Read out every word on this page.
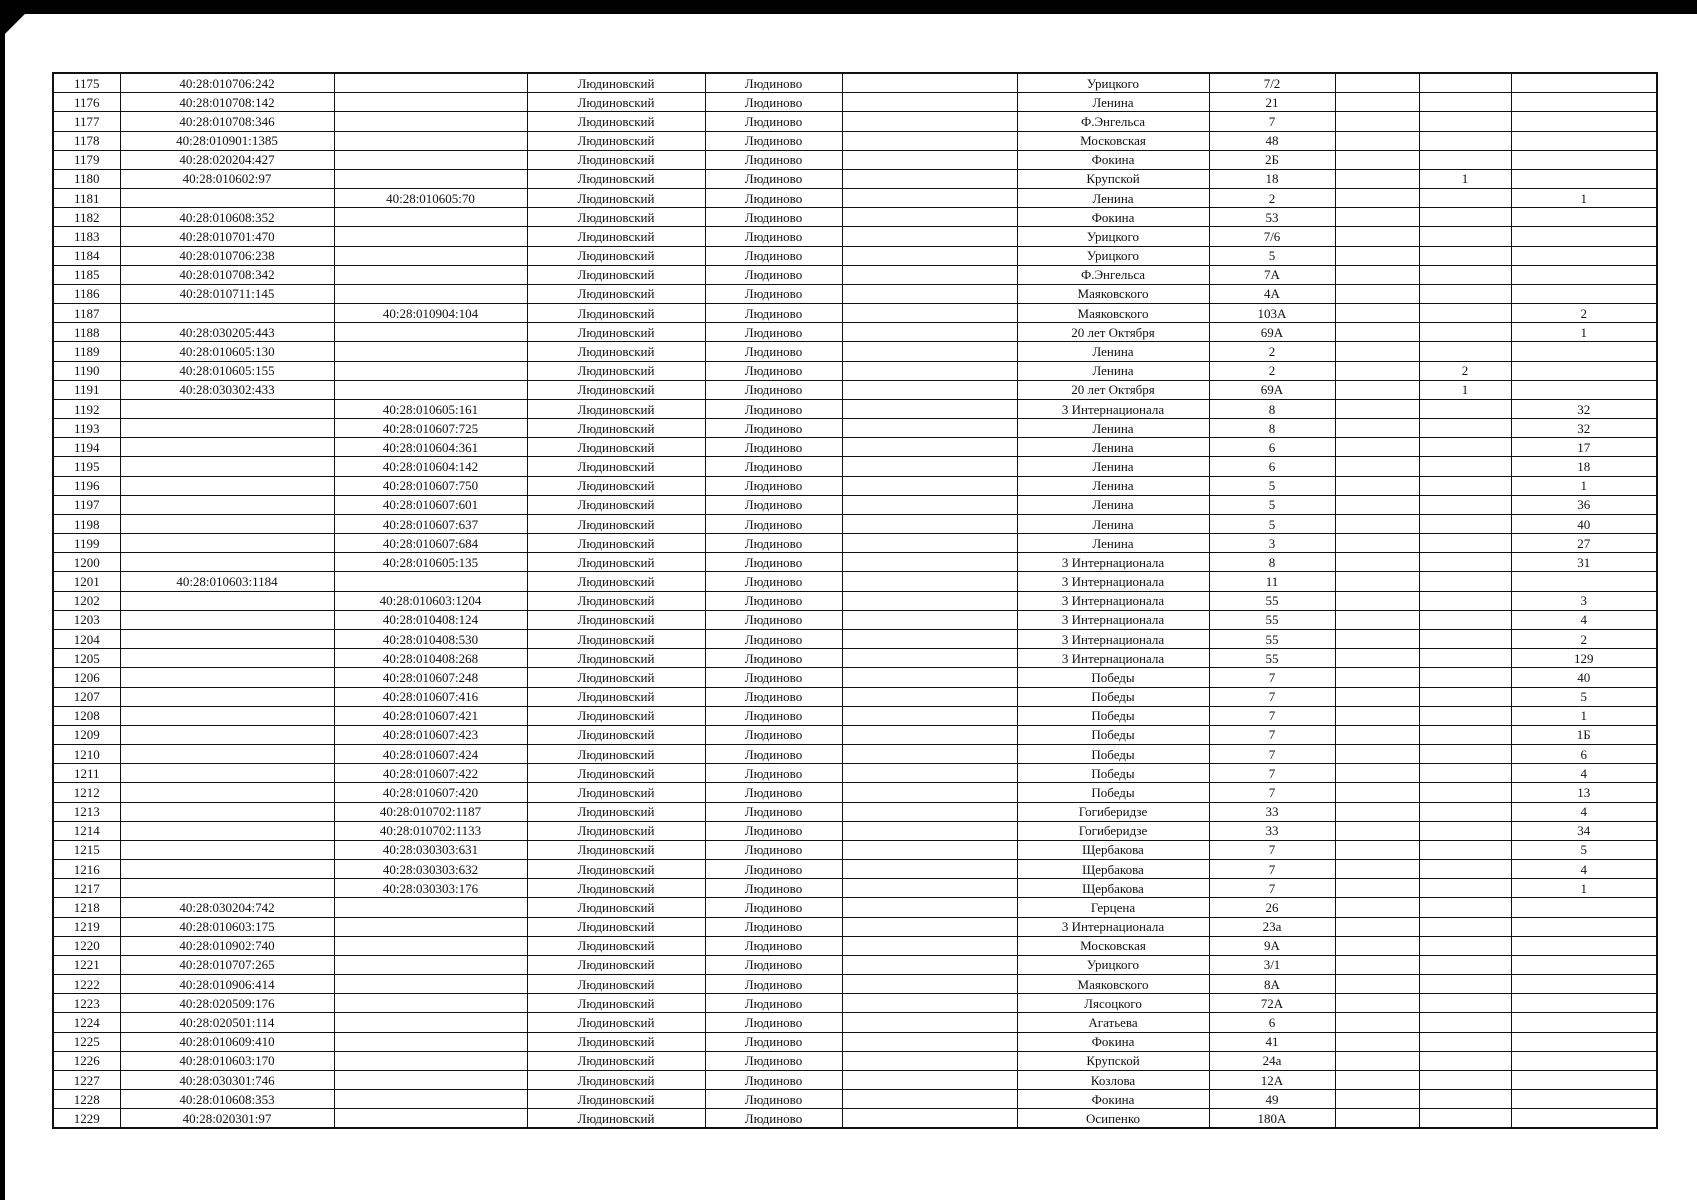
1175	40:28:010706:242		Людиновский	Людиново		Урицкого	7/2			
1176	40:28:010708:142		Людиновский	Людиново		Ленина	21			
1177	40:28:010708:346		Людиновский	Людиново		Ф.Энгельса	7			
1178	40:28:010901:1385		Людиновский	Людиново		Московская	48			
1179	40:28:020204:427		Людиновский	Людиново		Фокина	2Б			
1180	40:28:010602:97		Людиновский	Людиново		Крупской	18		1	
1181		40:28:010605:70	Людиновский	Людиново		Ленина	2			1
1182	40:28:010608:352		Людиновский	Людиново		Фокина	53			
1183	40:28:010701:470		Людиновский	Людиново		Урицкого	7/6			
1184	40:28:010706:238		Людиновский	Людиново		Урицкого	5			
1185	40:28:010708:342		Людиновский	Людиново		Ф.Энгельса	7А			
1186	40:28:010711:145		Людиновский	Людиново		Маяковского	4А			
1187		40:28:010904:104	Людиновский	Людиново		Маяковского	103А			2
1188	40:28:030205:443		Людиновский	Людиново		20 лет Октября	69А			1
1189	40:28:010605:130		Людиновский	Людиново		Ленина	2			
1190	40:28:010605:155		Людиновский	Людиново		Ленина	2		2	
1191	40:28:030302:433		Людиновский	Людиново		20 лет Октября	69А		1	
1192		40:28:010605:161	Людиновский	Людиново		3 Интернационала	8			32
1193		40:28:010607:725	Людиновский	Людиново		Ленина	8			32
1194		40:28:010604:361	Людиновский	Людиново		Ленина	6			17
1195		40:28:010604:142	Людиновский	Людиново		Ленина	6			18
1196		40:28:010607:750	Людиновский	Людиново		Ленина	5			1
1197		40:28:010607:601	Людиновский	Людиново		Ленина	5			36
1198		40:28:010607:637	Людиновский	Людиново		Ленина	5			40
1199		40:28:010607:684	Людиновский	Людиново		Ленина	3			27
1200		40:28:010605:135	Людиновский	Людиново		3 Интернационала	8			31
1201	40:28:010603:1184		Людиновский	Людиново		3 Интернационала	11			
1202		40:28:010603:1204	Людиновский	Людиново		3 Интернационала	55			3
1203		40:28:010408:124	Людиновский	Людиново		3 Интернационала	55			4
1204		40:28:010408:530	Людиновский	Людиново		3 Интернационала	55			2
1205		40:28:010408:268	Людиновский	Людиново		3 Интернационала	55			129
1206		40:28:010607:248	Людиновский	Людиново		Победы	7			40
1207		40:28:010607:416	Людиновский	Людиново		Победы	7			5
1208		40:28:010607:421	Людиновский	Людиново		Победы	7			1
1209		40:28:010607:423	Людиновский	Людиново		Победы	7			1Б
1210		40:28:010607:424	Людиновский	Людиново		Победы	7			6
1211		40:28:010607:422	Людиновский	Людиново		Победы	7			4
1212		40:28:010607:420	Людиновский	Людиново		Победы	7			13
1213		40:28:010702:1187	Людиновский	Людиново		Гогиберидзе	33			4
1214		40:28:010702:1133	Людиновский	Людиново		Гогиберидзе	33			34
1215		40:28:030303:631	Людиновский	Людиново		Щербакова	7			5
1216		40:28:030303:632	Людиновский	Людиново		Щербакова	7			4
1217		40:28:030303:176	Людиновский	Людиново		Щербакова	7			1
1218	40:28:030204:742		Людиновский	Людиново		Герцена	26			
1219	40:28:010603:175		Людиновский	Людиново		3 Интернационала	23а			
1220	40:28:010902:740		Людиновский	Людиново		Московская	9А			
1221	40:28:010707:265		Людиновский	Людиново		Урицкого	3/1			
1222	40:28:010906:414		Людиновский	Людиново		Маяковского	8А			
1223	40:28:020509:176		Людиновский	Людиново		Лясоцкого	72А			
1224	40:28:020501:114		Людиновский	Людиново		Агатьева	6			
1225	40:28:010609:410		Людиновский	Людиново		Фокина	41			
1226	40:28:010603:170		Людиновский	Людиново		Крупской	24а			
1227	40:28:030301:746		Людиновский	Людиново		Козлова	12А			
1228	40:28:010608:353		Людиновский	Людиново		Фокина	49			
1229	40:28:020301:97		Людиновский	Людиново		Осипенко	180А			
